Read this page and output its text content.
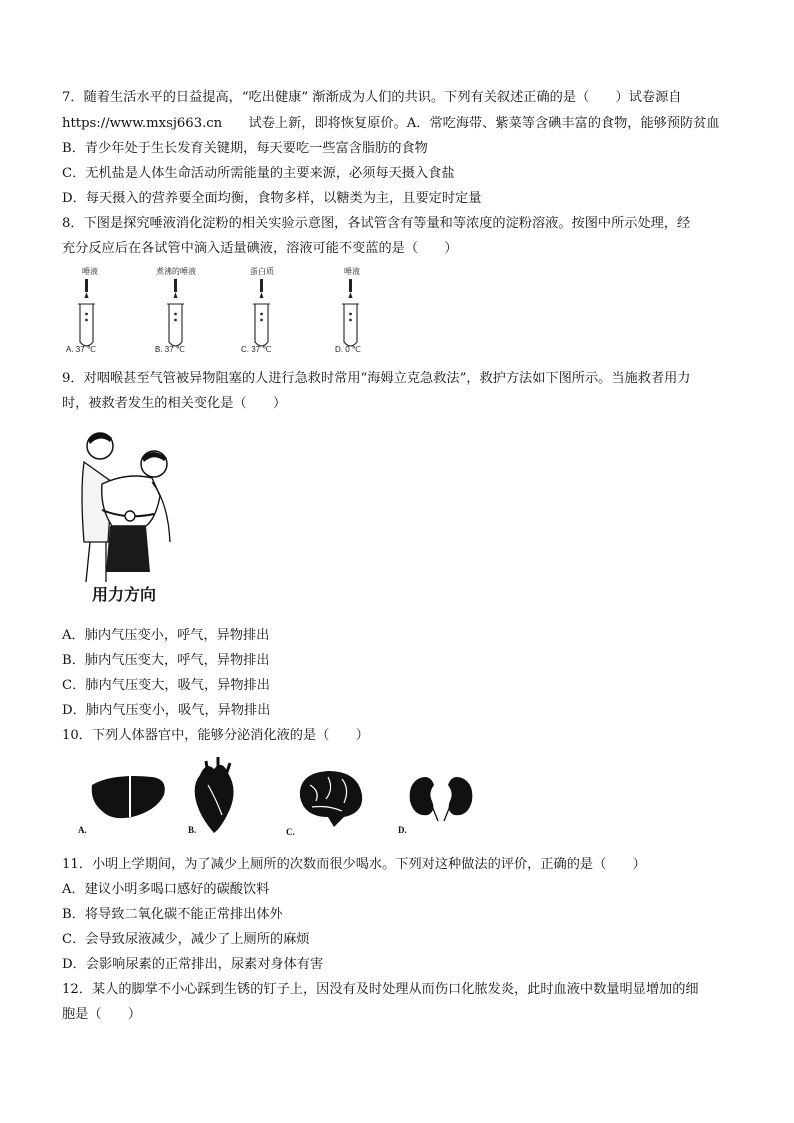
7．随着生活水平的日益提高，“吃出健康” 渐渐成为人们的共识。下列有关叙述正确的是（　　）试卷源自
https://www.mxsj663.cn　　试卷上新，即将恢复原价。A．常吃海带、紫菜等含碘丰富的食物，能够预防贫血
B．青少年处于生长发育关键期，每天要吃一些富含脂肪的食物
C．无机盐是人体生命活动所需能量的主要来源，必须每天摄入食盐
D．每天摄入的营养要全面均衡，食物多样，以糖类为主，且要定时定量
8．下图是探究唾液消化淀粉的相关实验示意图，各试管含有等量和等浓度的淀粉溶液。按图中所示处理，经
充分反应后在各试管中滴入适量碘液，溶液可能不变蓝的是（　　）
唾液
A. 37 ℃
煮沸的唾液
B. 37 ℃
蛋白质
C. 37 ℃
唾液
D. 0 ℃
9．对咽喉甚至气管被异物阻塞的人进行急救时常用“海姆立克急救法”，救护方法如下图所示。当施救者用力
时，被救者发生的相关变化是（　　）
用力方向
A．肺内气压变小，呼气，异物排出
B．肺内气压变大，呼气，异物排出
C．肺内气压变大，吸气，异物排出
D．肺内气压变小，吸气，异物排出
10．下列人体器官中，能够分泌消化液的是（　　）
A.	B.	C.	D.
11．小明上学期间，为了减少上厕所的次数而很少喝水。下列对这种做法的评价，正确的是（　　）
A．建议小明多喝口感好的碳酸饮料
B．将导致二氧化碳不能正常排出体外
C．会导致尿液减少，减少了上厕所的麻烦
D．会影响尿素的正常排出，尿素对身体有害
12．某人的脚掌不小心踩到生锈的钉子上，因没有及时处理从而伤口化脓发炎，此时血液中数量明显增加的细
胞是（　　）
